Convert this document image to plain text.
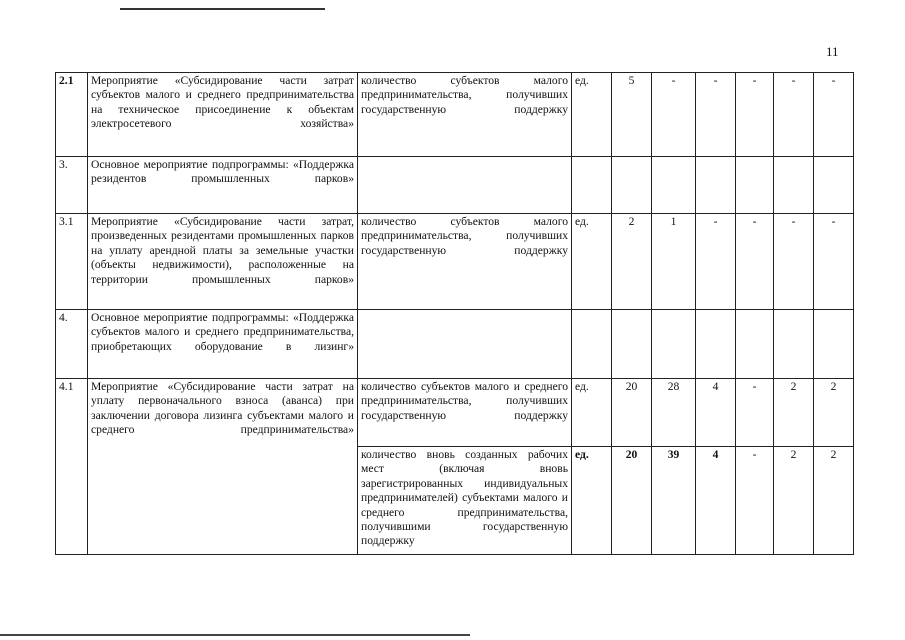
11
2.1	Мероприятие «Субсидирование части затрат субъектов малого и среднего предпринимательства на техническое присоединение к объектам электросетевого хозяйства»	количество субъектов малого предпринимательства, получивших государственную поддержку	ед.	5	-	-	-	-	-
3.	Основное мероприятие подпрограммы: «Поддержка резидентов промышленных парков»								
3.1	Мероприятие «Субсидирование части затрат, произведенных резидентами промышленных парков на уплату арендной платы за земельные участки (объекты недвижимости), расположенные на территории промышленных парков»	количество субъектов малого предпринимательства, получивших государственную поддержку	ед.	2	1	-	-	-	-
4.	Основное мероприятие подпрограммы: «Поддержка субъектов малого и среднего предпринимательства, приобретающих оборудование в лизинг»								
4.1	Мероприятие «Субсидирование части затрат на уплату первоначального взноса (аванса) при заключении договора лизинга субъектами малого и среднего предпринимательства»	количество субъектов малого и среднего предпринимательства, получивших государственную поддержку	ед.	20	28	4	-	2	2
		количество вновь созданных рабочих мест (включая вновь зарегистрированных индивидуальных предпринимателей) субъектами малого и среднего предпринимательства, получившими государственную поддержку	ед.	20	39	4	-	2	2
